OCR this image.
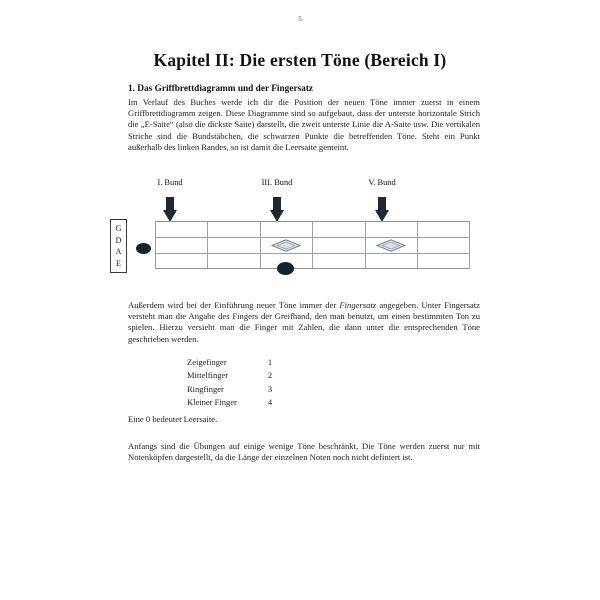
5
Kapitel II: Die ersten Töne (Bereich I)
1. Das Griffbrettdiagramm und der Fingersatz

Im Verlauf des Buches werde ich dir die Position der neuen Töne immer zuerst in einem Griffbrettdiagramm zeigen. Diese Diagramme sind so aufgebaut, dass der unterste horizontale Strich die „E-Saite“ (also die dickste Saite) darstellt, die zweit unterste Linie die A-Saite usw. Die vertikalen Striche sind die Bundstäbchen, die schwarzen Punkte die betreffenden Töne. Steht ein Punkt außerhalb des linken Randes, so ist damit die Leersaite gemeint.

I. Bund	III. Bund	V. Bund
G
D
A
E

Außerdem wird bei der Einführung neuer Töne immer der Fingersatz angegeben. Unter Fingersatz versteht man die Angabe des Fingers der Greifhand, den man benutzt, um einen bestimmten Ton zu spielen. Hierzu versieht man die Finger mit Zahlen, die dann unter die entsprechenden Töne geschrieben werden.

Zeigefinger	1
Mittelfinger	2
Ringfinger	3
Kleiner Finger	4

Eine 0 bedeutet Leersaite.

Anfangs sind die Übungen auf einige wenige Töne beschränkt, Die Töne werden zuerst nur mit Notenköpfen dargestellt, da die Länge der einzelnen Noten noch nicht definiert ist.
